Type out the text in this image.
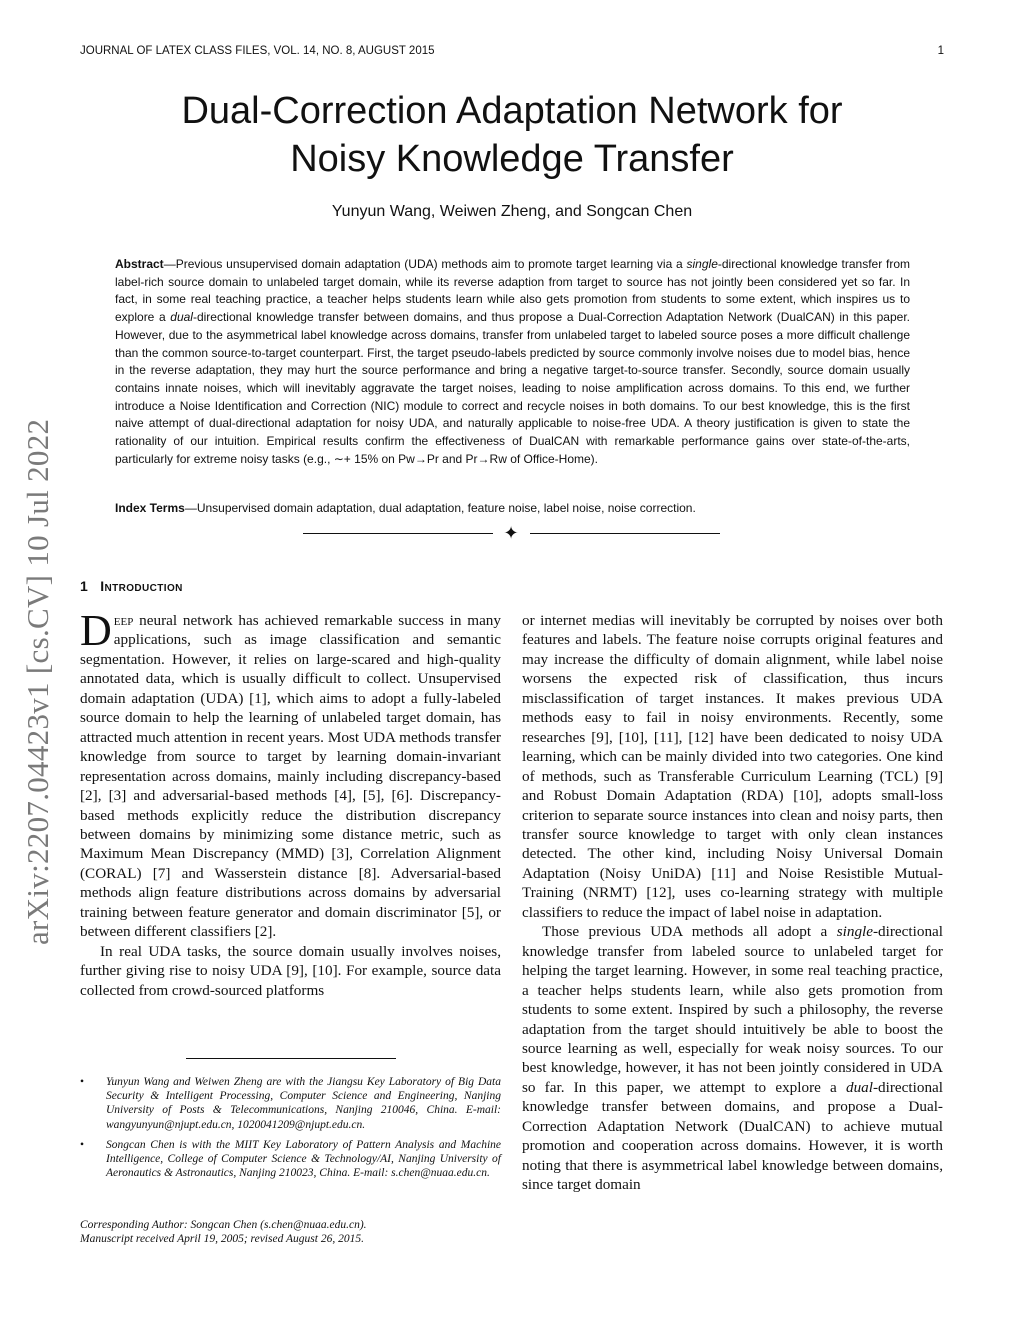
JOURNAL OF LATEX CLASS FILES, VOL. 14, NO. 8, AUGUST 2015	1
arXiv:2207.04423v1 [cs.CV] 10 Jul 2022
Dual-Correction Adaptation Network for
Noisy Knowledge Transfer
Yunyun Wang, Weiwen Zheng, and Songcan Chen

Abstract—Previous unsupervised domain adaptation (UDA) methods aim to promote target learning via a single-directional knowledge transfer from label-rich source domain to unlabeled target domain, while its reverse adaption from target to source has not jointly been considered yet so far. In fact, in some real teaching practice, a teacher helps students learn while also gets promotion from students to some extent, which inspires us to explore a dual-directional knowledge transfer between domains, and thus propose a Dual-Correction Adaptation Network (DualCAN) in this paper. However, due to the asymmetrical label knowledge across domains, transfer from unlabeled target to labeled source poses a more difficult challenge than the common source-to-target counterpart. First, the target pseudo-labels predicted by source commonly involve noises due to model bias, hence in the reverse adaptation, they may hurt the source performance and bring a negative target-to-source transfer. Secondly, source domain usually contains innate noises, which will inevitably aggravate the target noises, leading to noise amplification across domains. To this end, we further introduce a Noise Identification and Correction (NIC) module to correct and recycle noises in both domains. To our best knowledge, this is the first naive attempt of dual-directional adaptation for noisy UDA, and naturally applicable to noise-free UDA. A theory justification is given to state the rationality of our intuition. Empirical results confirm the effectiveness of DualCAN with remarkable performance gains over state-of-the-arts, particularly for extreme noisy tasks (e.g., ∼+ 15% on Pw→Pr and Pr→Rw of Office-Home).

Index Terms—Unsupervised domain adaptation, dual adaptation, feature noise, label noise, noise correction.

✦
1 Introduction

Deep neural network has achieved remarkable success in many applications, such as image classification and semantic segmentation. However, it relies on large-scared and high-quality annotated data, which is usually difficult to collect. Unsupervised domain adaptation (UDA) [1], which aims to adopt a fully-labeled source domain to help the learning of unlabeled target domain, has attracted much attention in recent years. Most UDA methods transfer knowledge from source to target by learning domain-invariant representation across domains, mainly including discrepancy-based [2], [3] and adversarial-based methods [4], [5], [6]. Discrepancy-based methods explicitly reduce the distribution discrepancy between domains by minimizing some distance metric, such as Maximum Mean Discrepancy (MMD) [3], Correlation Alignment (CORAL) [7] and Wasserstein distance [8]. Adversarial-based methods align feature distributions across domains by adversarial training between feature generator and domain discriminator [5], or between different classifiers [2].

In real UDA tasks, the source domain usually involves noises, further giving rise to noisy UDA [9], [10]. For example, source data collected from crowd-sourced platforms

• Yunyun Wang and Weiwen Zheng are with the Jiangsu Key Laboratory of Big Data Security & Intelligent Processing, Computer Science and Engineering, Nanjing University of Posts & Telecommunications, Nanjing 210046, China. E-mail: wangyunyun@njupt.edu.cn, 1020041209@njupt.edu.cn.
• Songcan Chen is with the MIIT Key Laboratory of Pattern Analysis and Machine Intelligence, College of Computer Science & Technology/AI, Nanjing University of Aeronautics & Astronautics, Nanjing 210023, China. E-mail: s.chen@nuaa.edu.cn.
Corresponding Author: Songcan Chen (s.chen@nuaa.edu.cn).
Manuscript received April 19, 2005; revised August 26, 2015.

or internet medias will inevitably be corrupted by noises over both features and labels. The feature noise corrupts original features and may increase the difficulty of domain alignment, while label noise worsens the expected risk of classification, thus incurs misclassification of target instances. It makes previous UDA methods easy to fail in noisy environments. Recently, some researches [9], [10], [11], [12] have been dedicated to noisy UDA learning, which can be mainly divided into two categories. One kind of methods, such as Transferable Curriculum Learning (TCL) [9] and Robust Domain Adaptation (RDA) [10], adopts small-loss criterion to separate source instances into clean and noisy parts, then transfer source knowledge to target with only clean instances detected. The other kind, including Noisy Universal Domain Adaptation (Noisy UniDA) [11] and Noise Resistible Mutual-Training (NRMT) [12], uses co-learning strategy with multiple classifiers to reduce the impact of label noise in adaptation.

Those previous UDA methods all adopt a single-directional knowledge transfer from labeled source to unlabeled target for helping the target learning. However, in some real teaching practice, a teacher helps students learn, while also gets promotion from students to some extent. Inspired by such a philosophy, the reverse adaptation from the target should intuitively be able to boost the source learning as well, especially for weak noisy sources. To our best knowledge, however, it has not been jointly considered in UDA so far. In this paper, we attempt to explore a dual-directional knowledge transfer between domains, and propose a Dual-Correction Adaptation Network (DualCAN) to achieve mutual promotion and cooperation across domains. However, it is worth noting that there is asymmetrical label knowledge between domains, since target domain
